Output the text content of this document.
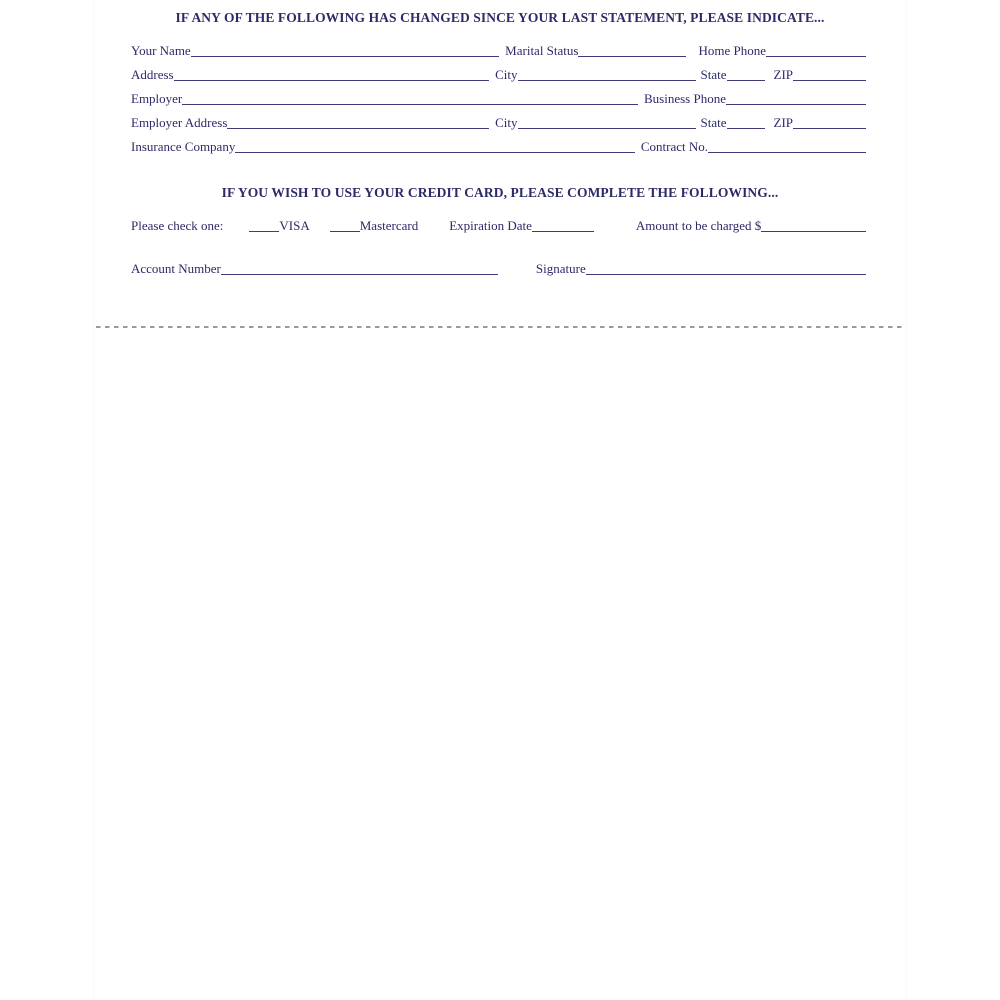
IF ANY OF THE FOLLOWING HAS CHANGED SINCE YOUR LAST STATEMENT, PLEASE INDICATE...
Your Name	Marital Status	Home Phone
Address	City	State	ZIP
Employer	Business Phone
Employer Address	City	State	ZIP
Insurance Company	Contract No.
IF YOU WISH TO USE YOUR CREDIT CARD, PLEASE COMPLETE THE FOLLOWING...
Please check one:	VISA	Mastercard Expiration Date	Amount to be charged $
Account Number	Signature
